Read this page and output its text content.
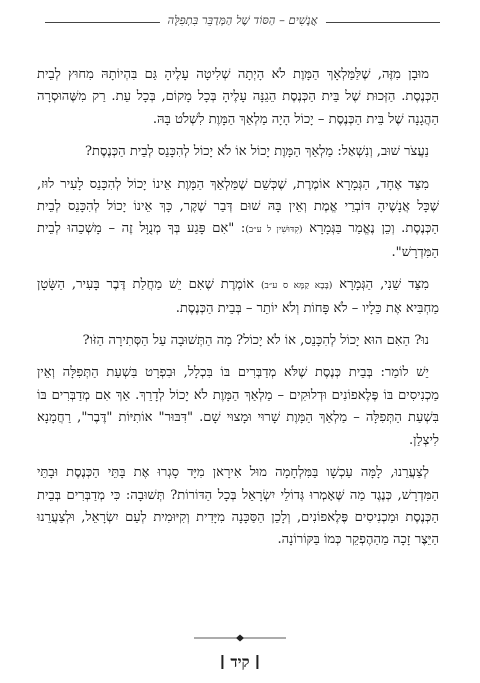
אֲנָשִׁים – הַסּוֹד שֶׁל הַמְּדַבֵּר בִּתְפִלָּה

מוּבָן מִזֶּה, שֶׁלַּמַּלְאָךְ הַמָּוֶת לֹא הָיְתָה שְׁלִיטָה עָלֶיהָ גַּם בִּהְיוֹתָהּ מִחוּץ לְבֵית הַכְּנֶסֶת. הַזְּכוּת שֶׁל בֵּית הַכְּנֶסֶת הֵגֵנָּה עָלֶיהָ בְּכָל מָקוֹם, בְּכָל עֵת. רַק מִשֶּׁהוּסְרָה הַהֲגָנָה שֶׁל בֵּית הַכְּנֶסֶת – יָכוֹל הָיָה מַלְאַךְ הַמָּוֶת לִשְׁלֹט בָּהּ.

נַעֲצֹר שׁוּב, וְנִשְׁאַל: מַלְאַךְ הַמָּוֶת יָכוֹל אוֹ לֹא יָכוֹל לְהִכָּנֵס לְבֵית הַכְּנֶסֶת?

מִצַּד אֶחָד, הַגְּמָרָא אוֹמֶרֶת, שֶׁכְּשֵׁם שֶׁמַּלְאַךְ הַמָּוֶת אֵינוֹ יָכוֹל לְהִכָּנֵס לָעִיר לוּז, שֶׁכָּל אֲנָשֶׁיהָ דּוֹבְרֵי אֱמֶת וְאֵין בָּהּ שׁוּם דְּבַר שֶׁקֶר, כָּךְ אֵינוֹ יָכוֹל לְהִכָּנֵס לְבֵית הַכְּנֶסֶת. וְכֵן נֶאֱמַר בַּגְּמָרָא (קִדּוּשִׁין ל ע״ב): "אִם פָּגַע בְּךָ מְנֻוָּל זֶה – מָשְׁכֵהוּ לְבֵית הַמִּדְרָשׁ".

מִצַּד שֵׁנִי, הַגְּמָרָא (בָּבָא קַמָּא ס ע״ב) אוֹמֶרֶת שֶׁאִם יֵשׁ מַחֲלַת דֶּבֶר בָּעִיר, הַשָּׂטָן מַחְבִּיא אֶת כֵּלָיו – לֹא פָּחוֹת וְלֹא יוֹתֵר – בְּבֵית הַכְּנֶסֶת.

נוּ? הַאִם הוּא יָכוֹל לְהִכָּנֵס, אוֹ לֹא יָכוֹל? מָה הַתְּשׁוּבָה עַל הַסְּתִירָה הַזֹּו?

יֵשׁ לוֹמַר: בְּבֵית כְּנֶסֶת שֶׁלֹּא מְדַבְּרִים בּוֹ בִּכְלָל, וּבִפְרָט בִּשְׁעַת הַתְּפִלָּה וְאֵין מַכְנִיסִים בּוֹ פֶּלֶאפוֹנִים וּדְלוּקִים – מַלְאַךְ הַמָּוֶת לֹא יָכוֹל לְדָרֵךְ. אַךְ אִם מְדַבְּרִים בּוֹ בִּשְׁעַת הַתְּפִלָּה – מַלְאַךְ הַמָּוֶת שָׁרוּי וּמָצוּי שָׁם. "דִּבּוּר" אוֹתִיּוֹת "דֶּבֶר", רַחֲמָנָא לִיצְלַן.

לְצַעֲרֵנוּ, לָמָּה עַכְשָׁו בַּמִּלְחָמָה מוּל אִירָאן מִיָּד סָגְרוּ אֶת בָּתֵּי הַכְּנֶסֶת וּבָתֵּי הַמִּדְרָשׁ, כְּנֶגֶד מַה שֶּׁאָמְרוּ גְּדוֹלֵי יִשְׂרָאֵל בְּכָל הַדּוֹרוֹת? תְּשׁוּבָה: כִּי מְדַבְּרִים בְּבֵית הַכְּנֶסֶת וּמַכְנִיסִים פֶּלֶאפוֹנִים, וְלָכֵן הַסַּכָּנָה מִיָּדִית וְקִיּוּמִית לְעַם יִשְׂרָאֵל, וּלְצַעֲרֵנוּ הַיֵּצֶר זָכָה מֵהַהֶפְקֵר כְּמוֹ בַּקּוֹרוֹנָה.

קיד
